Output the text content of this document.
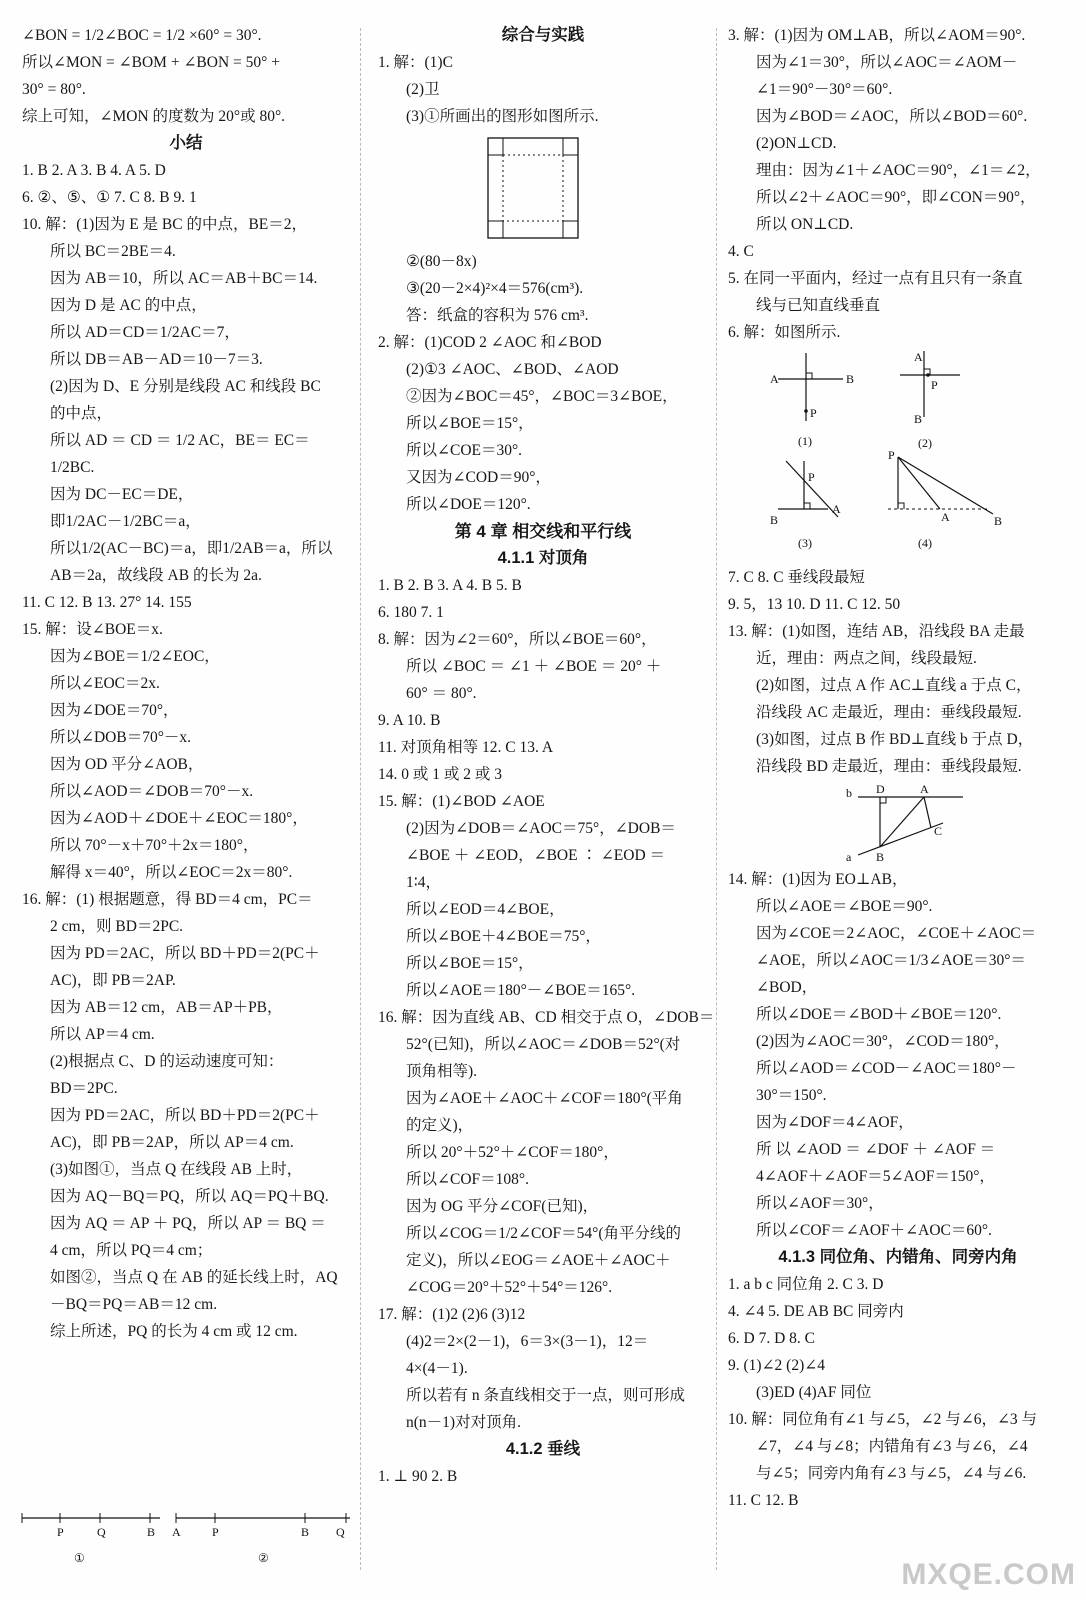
∠BON = 1/2∠BOC = 1/2 ×60° = 30°.
所以∠MON = ∠BOM + ∠BON = 50° +
30° = 80°.
综上可知，∠MON 的度数为 20°或 80°.
小结
1. B 2. A 3. B 4. A 5. D
6. ②、⑤、① 7. C 8. B 9. 1
10. 解：(1)因为 E 是 BC 的中点，BE＝2，
所以 BC＝2BE＝4.
因为 AB＝10，所以 AC＝AB＋BC＝14.
因为 D 是 AC 的中点，
所以 AD＝CD＝1/2AC＝7，
所以 DB＝AB－AD＝10－7＝3.
(2)因为 D、E 分别是线段 AC 和线段 BC
的中点，
所以 AD ＝ CD ＝ 1/2 AC，BE＝ EC＝
1/2BC.
因为 DC－EC＝DE，
即1/2AC－1/2BC＝a，
所以1/2(AC－BC)＝a，即1/2AB＝a，所以
AB＝2a，故线段 AB 的长为 2a.
11. C 12. B 13. 27° 14. 155
15. 解：设∠BOE＝x.
因为∠BOE＝1/2∠EOC，
所以∠EOC＝2x.
因为∠DOE＝70°，
所以∠DOB＝70°－x.
因为 OD 平分∠AOB，
所以∠AOD＝∠DOB＝70°－x.
因为∠AOD＋∠DOE＋∠EOC＝180°，
所以 70°－x＋70°＋2x＝180°，
解得 x＝40°，所以∠EOC＝2x＝80°.
16. 解：(1) 根据题意，得 BD＝4 cm，PC＝
2 cm，则 BD＝2PC.
因为 PD＝2AC，所以 BD＋PD＝2(PC＋
AC)，即 PB＝2AP.
因为 AB＝12 cm，AB＝AP＋PB，
所以 AP＝4 cm.
(2)根据点 C、D 的运动速度可知：
BD＝2PC.
因为 PD＝2AC，所以 BD＋PD＝2(PC＋
AC)，即 PB＝2AP，所以 AP＝4 cm.
(3)如图①，当点 Q 在线段 AB 上时，
因为 AQ－BQ＝PQ，所以 AQ＝PQ＋BQ.
因为 AQ ＝ AP ＋ PQ，所以 AP ＝ BQ ＝
4 cm，所以 PQ＝4 cm；
如图②，当点 Q 在 AB 的延长线上时，AQ
－BQ＝PQ＝AB＝12 cm.
综上所述，PQ 的长为 4 cm 或 12 cm.
P	Q	B A	P	B Q
①	②
综合与实践
1. 解：(1)C
(2)卫
(3)①所画出的图形如图所示.
②(80－8x)
③(20－2×4)²×4＝576(cm³).
答：纸盒的容积为 576 cm³.
2. 解：(1)COD 2 ∠AOC 和∠BOD
(2)①3 ∠AOC、∠BOD、∠AOD
②因为∠BOC＝45°，∠BOC＝3∠BOE，
所以∠BOE＝15°，
所以∠COE＝30°.
又因为∠COD＝90°，
所以∠DOE＝120°.
第 4 章 相交线和平行线
4.1.1 对顶角
1. B 2. B 3. A 4. B 5. B
6. 180 7. 1
8. 解：因为∠2＝60°，所以∠BOE＝60°，
所以 ∠BOC ＝ ∠1 ＋ ∠BOE ＝ 20° ＋
60° ＝ 80°.
9. A 10. B
11. 对顶角相等 12. C 13. A
14. 0 或 1 或 2 或 3
15. 解：(1)∠BOD ∠AOE
(2)因为∠DOB＝∠AOC＝75°，∠DOB＝
∠BOE ＋ ∠EOD，∠BOE ∶ ∠EOD ＝
1∶4，
所以∠EOD＝4∠BOE，
所以∠BOE＋4∠BOE＝75°，
所以∠BOE＝15°，
所以∠AOE＝180°－∠BOE＝165°.
16. 解：因为直线 AB、CD 相交于点 O，∠DOB＝
52°(已知)，所以∠AOC＝∠DOB＝52°(对
顶角相等).
因为∠AOE＋∠AOC＋∠COF＝180°(平角
的定义)，
所以 20°＋52°＋∠COF＝180°，
所以∠COF＝108°.
因为 OG 平分∠COF(已知)，
所以∠COG＝1/2∠COF＝54°(角平分线的
定义)，所以∠EOG＝∠AOE＋∠AOC＋
∠COG＝20°＋52°＋54°＝126°.
17. 解：(1)2 (2)6 (3)12
(4)2＝2×(2－1)，6＝3×(3－1)，12＝
4×(4－1).
所以若有 n 条直线相交于一点，则可形成
n(n－1)对对顶角.
4.1.2 垂线
1. ⊥ 90 2. B
3. 解：(1)因为 OM⊥AB，所以∠AOM＝90°.
因为∠1＝30°，所以∠AOC＝∠AOM－
∠1＝90°－30°＝60°.
因为∠BOD＝∠AOC，所以∠BOD＝60°.
(2)ON⊥CD.
理由：因为∠1＋∠AOC＝90°，∠1＝∠2，
所以∠2＋∠AOC＝90°，即∠CON＝90°，
所以 ON⊥CD.
4. C
5. 在同一平面内，经过一点有且只有一条直
线与已知直线垂直
6. 解：如图所示.
A	B
P
(1)
P
A
B
(2)
P
B
A
(3)
P
B
A
(4)
7. C 8. C 垂线段最短
9. 5，13 10. D 11. C 12. 50
13. 解：(1)如图，连结 AB，沿线段 BA 走最
近，理由：两点之间，线段最短.
(2)如图，过点 A 作 AC⊥直线 a 于点 C，
沿线段 AC 走最近，理由：垂线段最短.
(3)如图，过点 B 作 BD⊥直线 b 于点 D，
沿线段 BD 走最近，理由：垂线段最短.
b D	A
a B
C
14. 解：(1)因为 EO⊥AB，
所以∠AOE＝∠BOE＝90°.
因为∠COE＝2∠AOC，∠COE＋∠AOC＝
∠AOE，所以∠AOC＝1/3∠AOE＝30°＝
∠BOD，
所以∠DOE＝∠BOD＋∠BOE＝120°.
(2)因为∠AOC＝30°，∠COD＝180°，
所以∠AOD＝∠COD－∠AOC＝180°－
30°＝150°.
因为∠DOF＝4∠AOF，
所 以 ∠AOD ＝ ∠DOF ＋ ∠AOF ＝
4∠AOF＋∠AOF＝5∠AOF＝150°，
所以∠AOF＝30°，
所以∠COF＝∠AOF＋∠AOC＝60°.
4.1.3 同位角、内错角、同旁内角
1. a b c 同位角 2. C 3. D
4. ∠4 5. DE AB BC 同旁内
6. D 7. D 8. C
9. (1)∠2 (2)∠4
(3)ED (4)AF 同位
10. 解：同位角有∠1 与∠5，∠2 与∠6，∠3 与
∠7，∠4 与∠8；内错角有∠3 与∠6，∠4
与∠5；同旁内角有∠3 与∠5，∠4 与∠6.
11. C 12. B
MXQE.COM
